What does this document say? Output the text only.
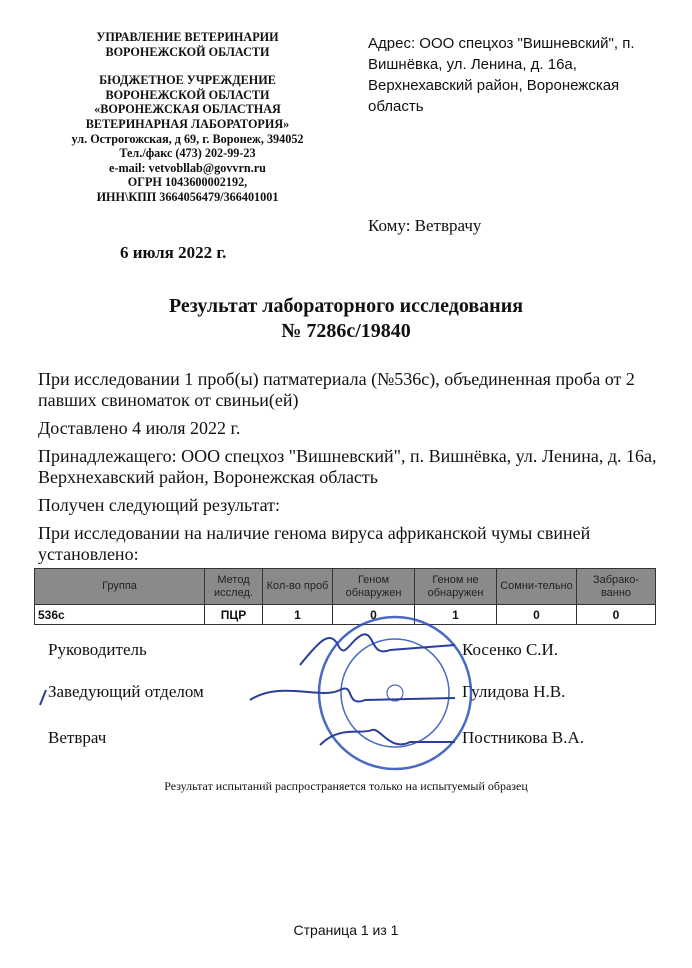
УПРАВЛЕНИЕ ВЕТЕРИНАРИИ
ВОРОНЕЖСКОЙ ОБЛАСТИ
БЮДЖЕТНОЕ УЧРЕЖДЕНИЕ
ВОРОНЕЖСКОЙ ОБЛАСТИ
«ВОРОНЕЖСКАЯ ОБЛАСТНАЯ
ВЕТЕРИНАРНАЯ ЛАБОРАТОРИЯ»
ул. Острогожская, д 69, г. Воронеж, 394052
Тел./факс (473) 202-99-23
e-mail: vetvobllab@govvrn.ru
ОГРН 1043600002192,
ИНН\КПП 3664056479/366401001
Адрес: ООО спецхоз "Вишневский", п. Вишнёвка, ул. Ленина, д. 16а, Верхнехавский район, Воронежская область
Кому: Ветврачу
6 июля 2022 г.
Результат лабораторного исследования
№ 7286с/19840
При исследовании 1 проб(ы) патматериала (№536с), объединенная проба от 2 павших свиноматок от свиньи(ей)
Доставлено 4 июля 2022 г.
Принадлежащего: ООО спецхоз "Вишневский", п. Вишнёвка, ул. Ленина, д. 16а, Верхнехавский район, Воронежская область
Получен следующий результат:
При исследовании на наличие генома вируса африканской чумы свиней установлено:
Группа	Метод исслед.	Кол-во проб	Геном обнаружен	Геном не обнаружен	Сомни-тельно	Забрако-ванно
536с	ПЦР	1	0	1	0	0
Руководитель	Косенко С.И.
Заведующий отделом	Гулидова Н.В.
Ветврач	Постникова В.А.
Результат испытаний распространяется только на испытуемый образец
Страница 1 из 1
